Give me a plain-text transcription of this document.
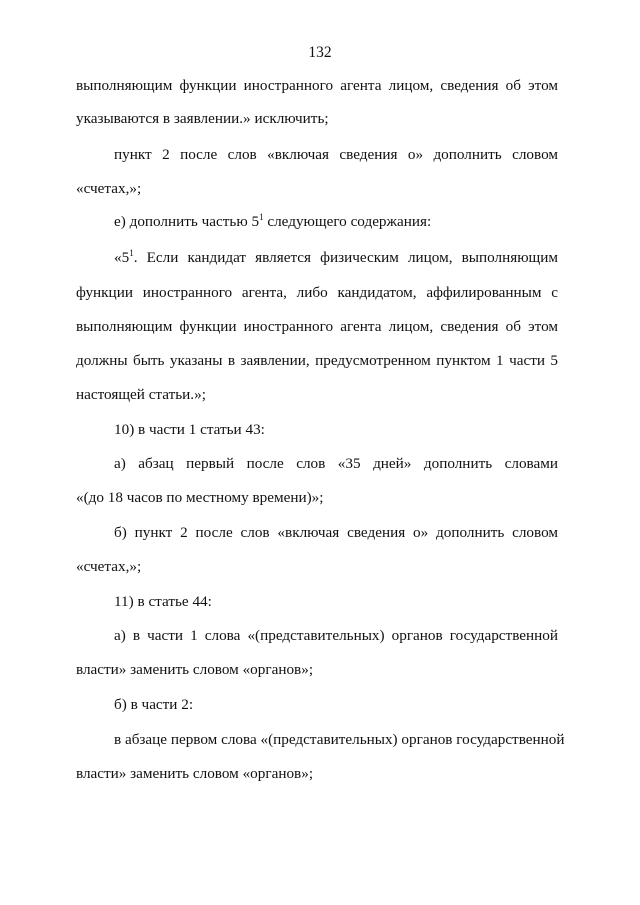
132
выполняющим функции иностранного агента лицом, сведения об этом
указываются в заявлении.» исключить;
пункт 2 после слов «включая сведения о» дополнить словом
«счетах,»;
е) дополнить частью $5^1$ следующего содержания:
«$5^1$. Если кандидат является физическим лицом, выполняющим
функции иностранного агента, либо кандидатом, аффилированным с
выполняющим функции иностранного агента лицом, сведения об этом
должны быть указаны в заявлении, предусмотренном пунктом 1 части 5
настоящей статьи.»;
10) в части 1 статьи 43:
а) абзац первый после слов «35 дней» дополнить словами
«(до 18 часов по местному времени)»;
б) пункт 2 после слов «включая сведения о» дополнить словом
«счетах,»;
11) в статье 44:
а) в части 1 слова «(представительных) органов государственной
власти» заменить словом «органов»;
б) в части 2:
в абзаце первом слова «(представительных) органов государственной
власти» заменить словом «органов»;
